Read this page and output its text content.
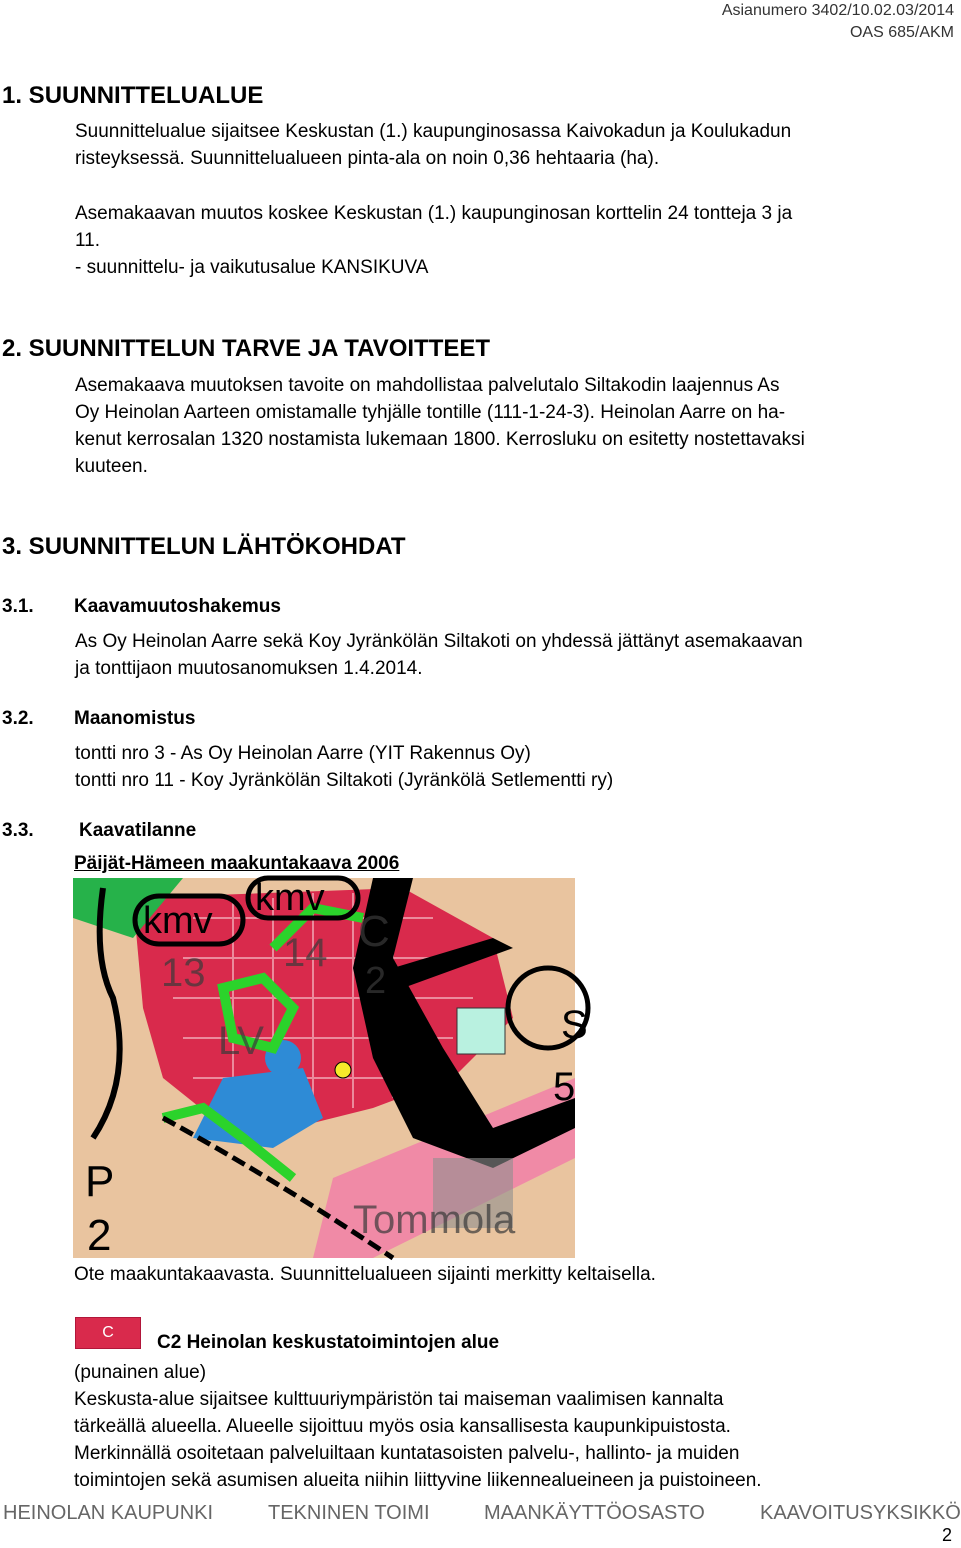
Asianumero 3402/10.02.03/2014
OAS 685/AKM
1. SUUNNITTELUALUE
Suunnittelualue sijaitsee Keskustan (1.) kaupunginosassa Kaivokadun ja Koulukadun
risteyksessä. Suunnittelualueen pinta-ala on noin 0,36 hehtaaria (ha).
Asemakaavan muutos koskee Keskustan (1.) kaupunginosan korttelin 24 tontteja 3 ja
11.
- suunnittelu- ja vaikutusalue KANSIKUVA
2. SUUNNITTELUN TARVE JA TAVOITTEET
Asemakaava muutoksen tavoite on mahdollistaa palvelutalo Siltakodin laajennus As
Oy Heinolan Aarteen omistamalle tyhjälle tontille (111-1-24-3). Heinolan Aarre on ha-
kenut kerrosalan 1320 nostamista lukemaan 1800. Kerrosluku on esitetty nostettavaksi
kuuteen.
3. SUUNNITTELUN LÄHTÖKOHDAT
3.1. Kaavamuutoshakemus
As Oy Heinolan Aarre sekä Koy Jyränkölän Siltakoti on yhdessä jättänyt asemakaavan
ja tonttijaon muutosanomuksen 1.4.2014.
3.2. Maanomistus
tontti nro 3 - As Oy Heinolan Aarre (YIT Rakennus Oy)
tontti nro 11 - Koy Jyränkölän Siltakoti (Jyränkölä Setlementti ry)
3.3. Kaavatilanne
Päijät-Hämeen maakuntakaava 2006
kmv
kmv
13 14 C
2
S
5
LV
P
2	Tommola
Ote maakuntakaavasta. Suunnittelualueen sijainti merkitty keltaisella.
C C2 Heinolan keskustatoimintojen alue
(punainen alue)
Keskusta-alue sijaitsee kulttuuriympäristön tai maiseman vaalimisen kannalta
tärkeällä alueella. Alueelle sijoittuu myös osia kansallisesta kaupunkipuistosta.
Merkinnällä osoitetaan palveluiltaan kuntatasoisten palvelu-, hallinto- ja muiden
toimintojen sekä asumisen alueita niihin liittyvine liikennealueineen ja puistoineen.
HEINOLAN KAUPUNKI	TEKNINEN TOIMI	MAANKÄYTTÖOSASTO	KAAVOITUSYKSIKKÖ
2
